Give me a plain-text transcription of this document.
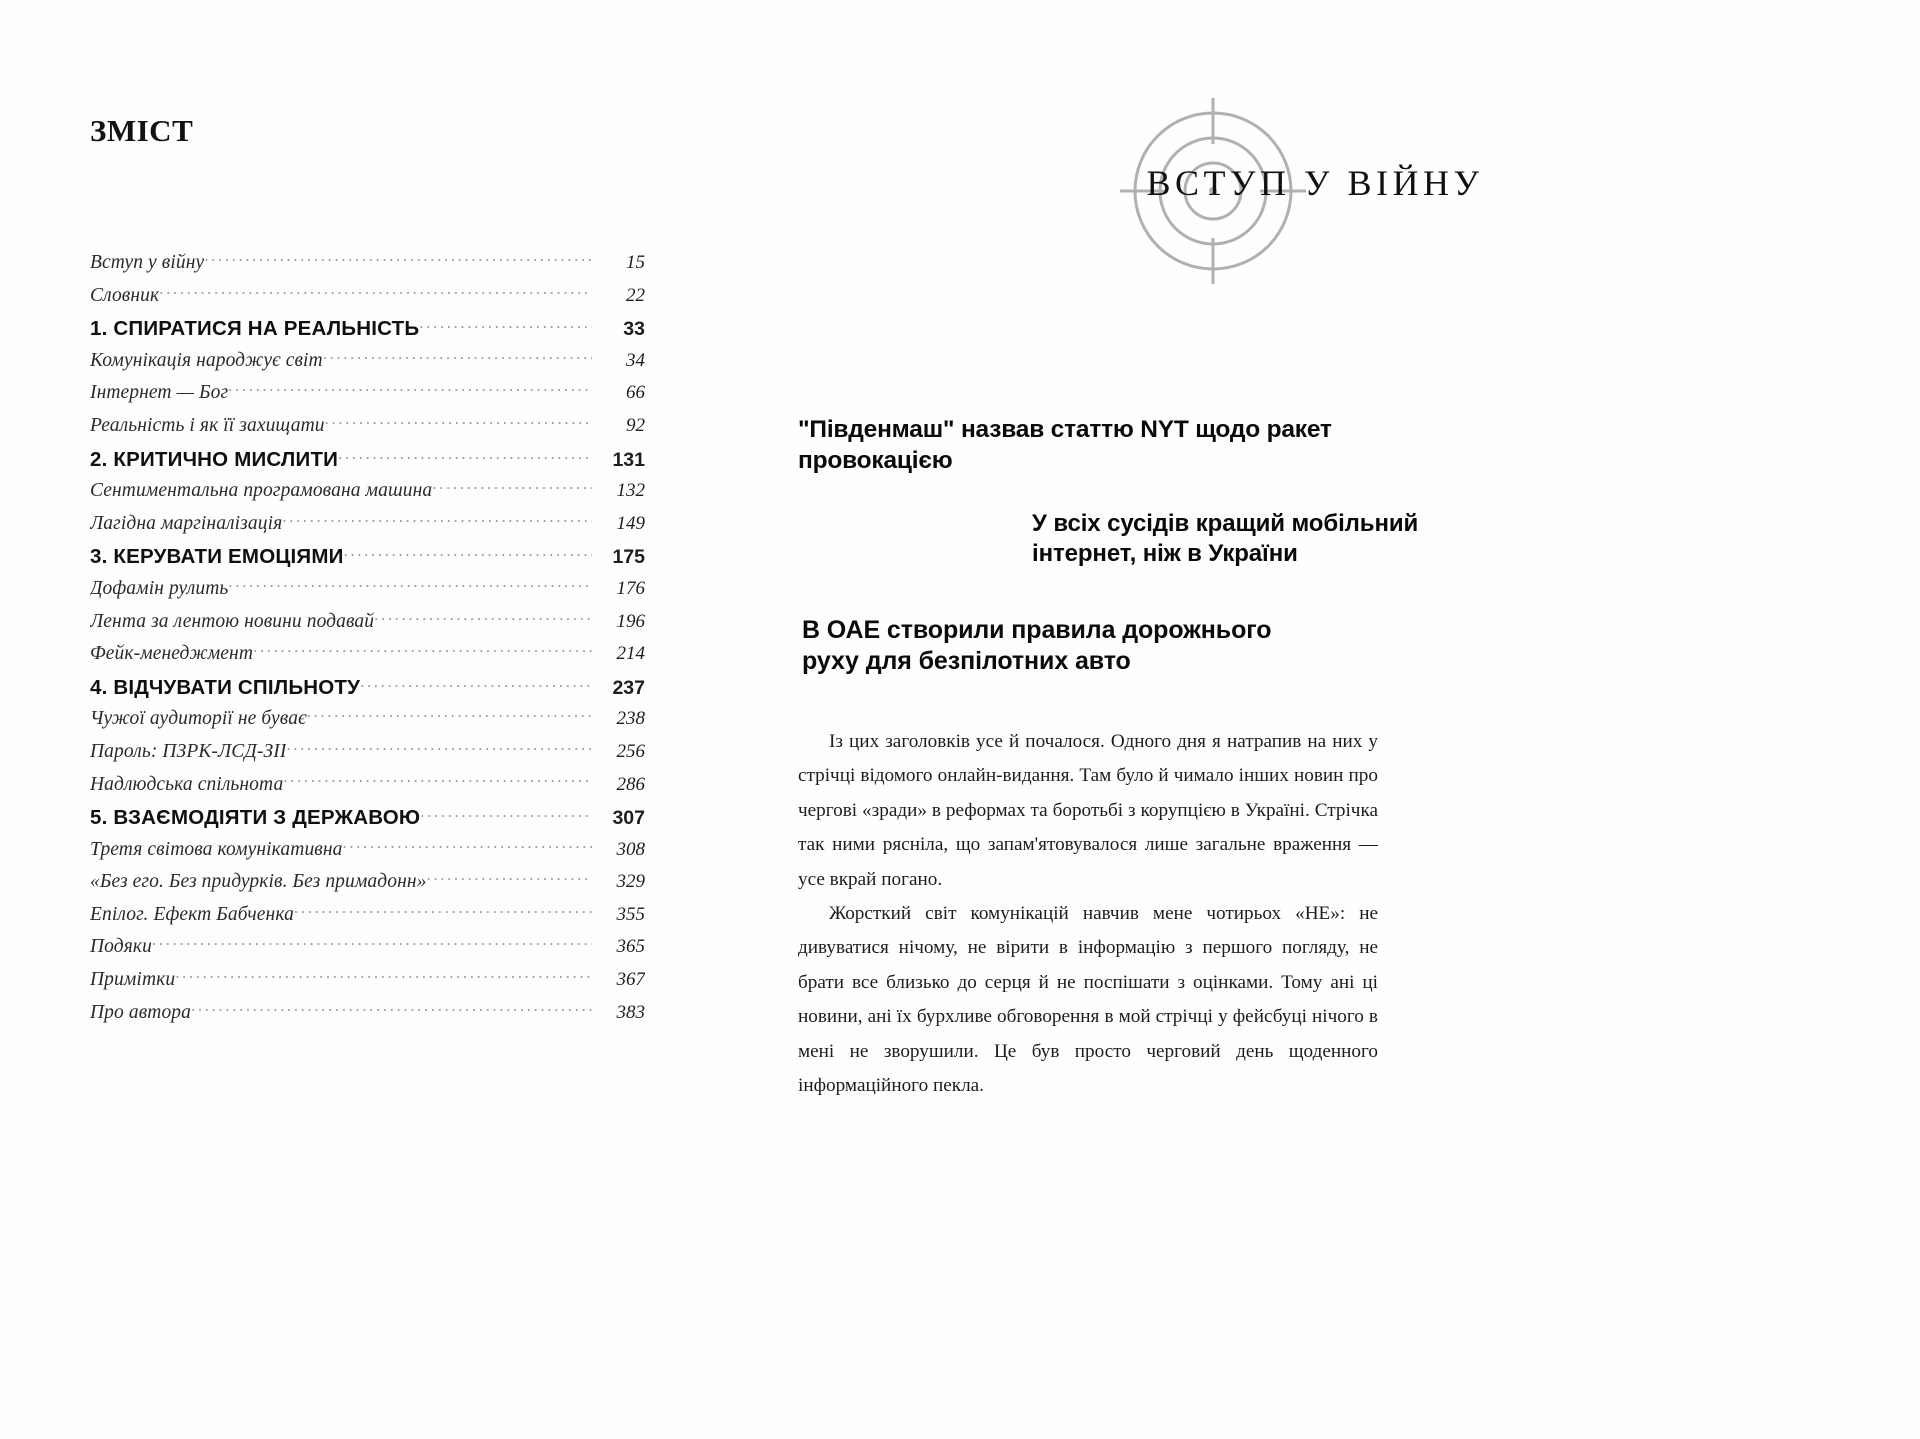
ЗМІСТ
Вступ у війну .....	15
Словник .....	22
1. СПИРАТИСЯ НА РЕАЛЬНІСТЬ .....	33
Комунікація народжує світ .....	34
Інтернет — Бог .....	66
Реальність і як її захищати .....	92
2. КРИТИЧНО МИСЛИТИ .....	131
Сентиментальна програмована машина .....	132
Лагідна маргіналізація .....	149
3. КЕРУВАТИ ЕМОЦІЯМИ .....	175
Дофамін рулить .....	176
Лента за лентою новини подавай .....	196
Фейк-менеджмент .....	214
4. ВІДЧУВАТИ СПІЛЬНОТУ .....	237
Чужої аудиторії не буває .....	238
Пароль: ПЗРК-ЛСД-ЗІІ .....	256
Надлюдська спільнота .....	286
5. ВЗАЄМОДІЯТИ З ДЕРЖАВОЮ .....	307
Третя світова комунікативна .....	308
«Без его. Без придурків. Без примадонн» .....	329
Епілог. Ефект Бабченка .....	355
Подяки .....	365
Примітки .....	367
Про автора .....	383
ВСТУП У ВІЙНУ
"Південмаш" назвав статтю NYT щодо ракет провокацією
У всіх сусідів кращий мобільний інтернет, ніж в України
В ОАЕ створили правила дорожнього руху для безпілотних авто

Із цих заголовків усе й почалося. Одного дня я натрапив на них у стрічці відомого онлайн-видання. Там було й чимало інших новин про чергові «зради» в реформах та боротьбі з корупцією в Україні. Стрічка так ними рясніла, що запам'ятовувалося лише загальне враження — усе вкрай погано.

Жорсткий світ комунікацій навчив мене чотирьох «НЕ»: не дивуватися нічому, не вірити в інформацію з першого погляду, не брати все близько до серця й не поспішати з оцінками. Тому ані ці новини, ані їх бурхливе обговорення в мой стрічці у фейсбуці нічого в мені не зворушили. Це був просто черговий день щоденного інформаційного пекла.
